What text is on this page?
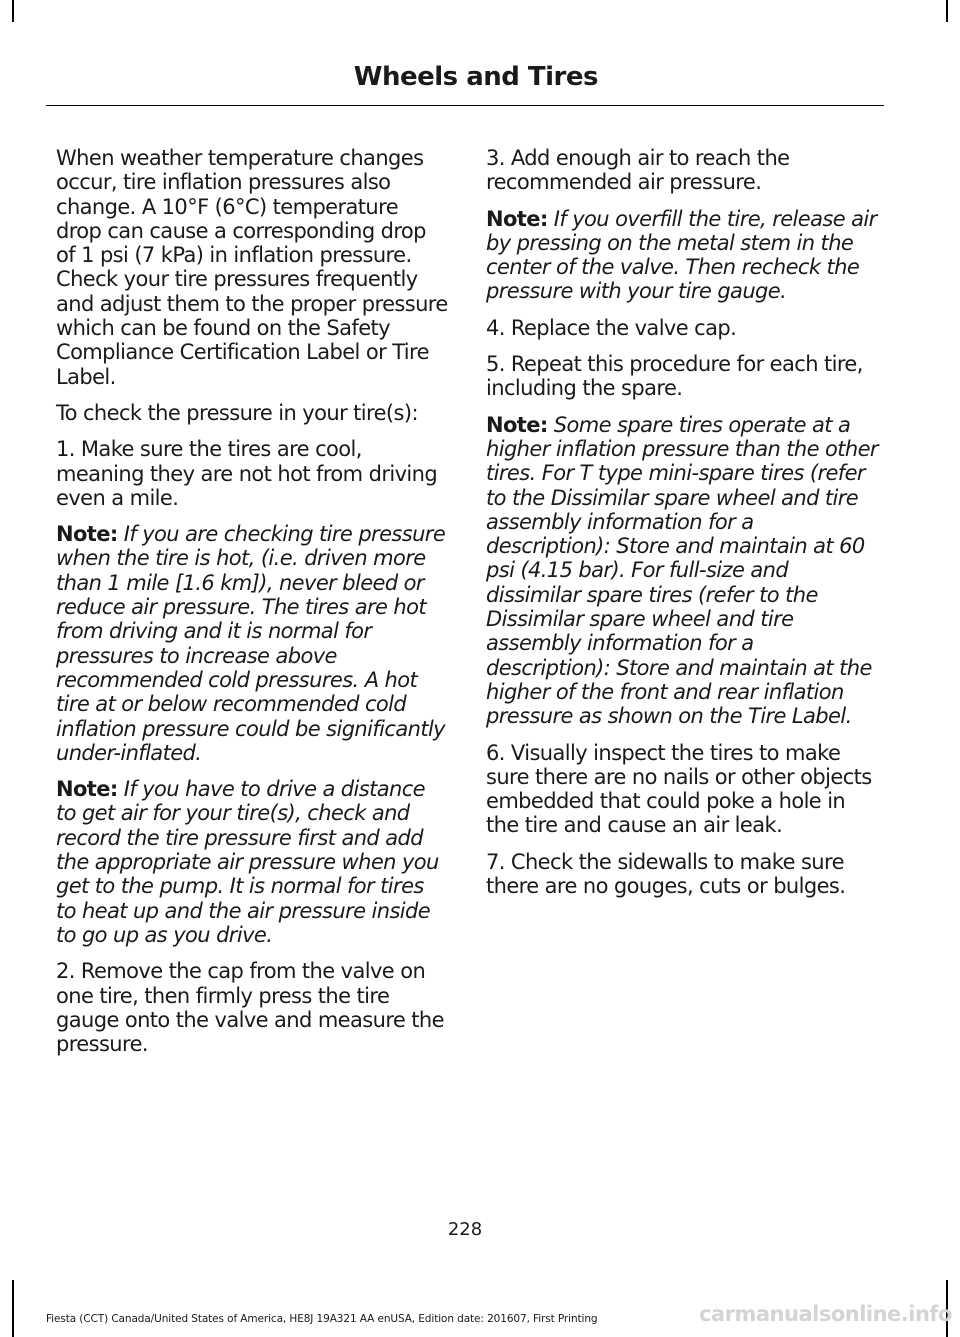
Wheels and Tires

When weather temperature changes occur, tire inflation pressures also change. A 10°F (6°C) temperature drop can cause a corresponding drop of 1 psi (7 kPa) in inflation pressure. Check your tire pressures frequently and adjust them to the proper pressure which can be found on the Safety Compliance Certification Label or Tire Label.

To check the pressure in your tire(s):

1. Make sure the tires are cool, meaning they are not hot from driving even a mile.

Note: If you are checking tire pressure when the tire is hot, (i.e. driven more than 1 mile [1.6 km]), never bleed or reduce air pressure. The tires are hot from driving and it is normal for pressures to increase above recommended cold pressures. A hot tire at or below recommended cold inflation pressure could be significantly under-inflated.

Note: If you have to drive a distance to get air for your tire(s), check and record the tire pressure first and add the appropriate air pressure when you get to the pump. It is normal for tires to heat up and the air pressure inside to go up as you drive.

2. Remove the cap from the valve on one tire, then firmly press the tire gauge onto the valve and measure the pressure.

3. Add enough air to reach the recommended air pressure.

Note: If you overfill the tire, release air by pressing on the metal stem in the center of the valve. Then recheck the pressure with your tire gauge.

4. Replace the valve cap.

5. Repeat this procedure for each tire, including the spare.

Note: Some spare tires operate at a higher inflation pressure than the other tires. For T type mini-spare tires (refer to the Dissimilar spare wheel and tire assembly information for a description): Store and maintain at 60 psi (4.15 bar). For full-size and dissimilar spare tires (refer to the Dissimilar spare wheel and tire assembly information for a description): Store and maintain at the higher of the front and rear inflation pressure as shown on the Tire Label.

6. Visually inspect the tires to make sure there are no nails or other objects embedded that could poke a hole in the tire and cause an air leak.

7. Check the sidewalls to make sure there are no gouges, cuts or bulges.

228
Fiesta (CCT) Canada/United States of America, HE8J 19A321 AA enUSA, Edition date: 201607, First Printing	carmanualsonline.info
